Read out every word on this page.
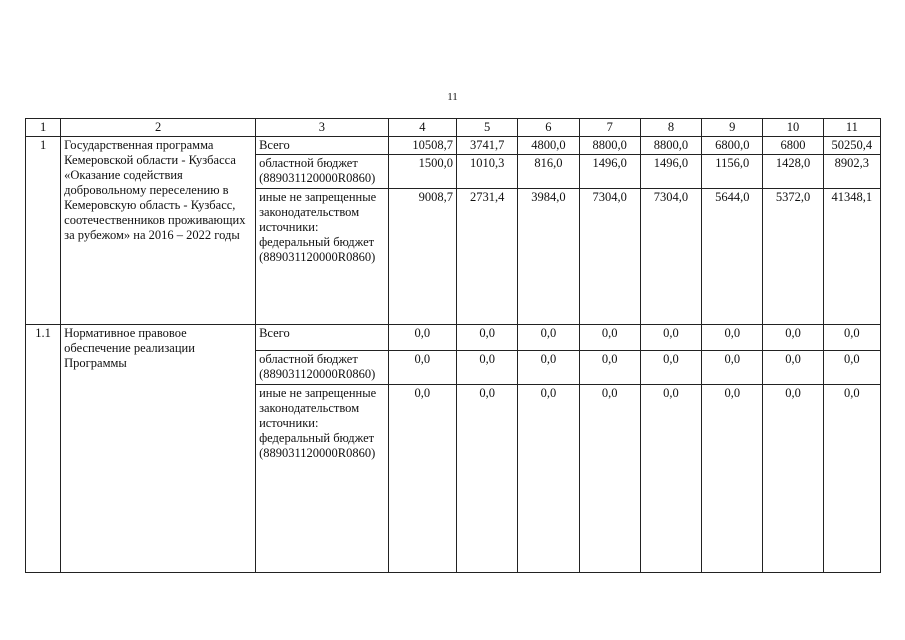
11
1	2	3	4	5	6	7	8	9	10	11
1	Государственная программа Кемеровской области - Кузбасса «Оказание содействия добровольному переселению в Кемеровскую область - Кузбасс, соотечественников проживающих за рубежом» на 2016 – 2022 годы	Всего	10508,7	3741,7	4800,0	8800,0	8800,0	6800,0	6800	50250,4
		областной бюджет (889031120000R0860)	1500,0	1010,3	816,0	1496,0	1496,0	1156,0	1428,0	8902,3
		иные не запрещенные законодательством источники: федеральный бюджет (889031120000R0860)	9008,7	2731,4	3984,0	7304,0	7304,0	5644,0	5372,0	41348,1
1.1	Нормативное правовое обеспечение реализации Программы	Всего	0,0	0,0	0,0	0,0	0,0	0,0	0,0	0,0
		областной бюджет (889031120000R0860)	0,0	0,0	0,0	0,0	0,0	0,0	0,0	0,0
		иные не запрещенные законодательством источники: федеральный бюджет (889031120000R0860)	0,0	0,0	0,0	0,0	0,0	0,0	0,0	0,0
